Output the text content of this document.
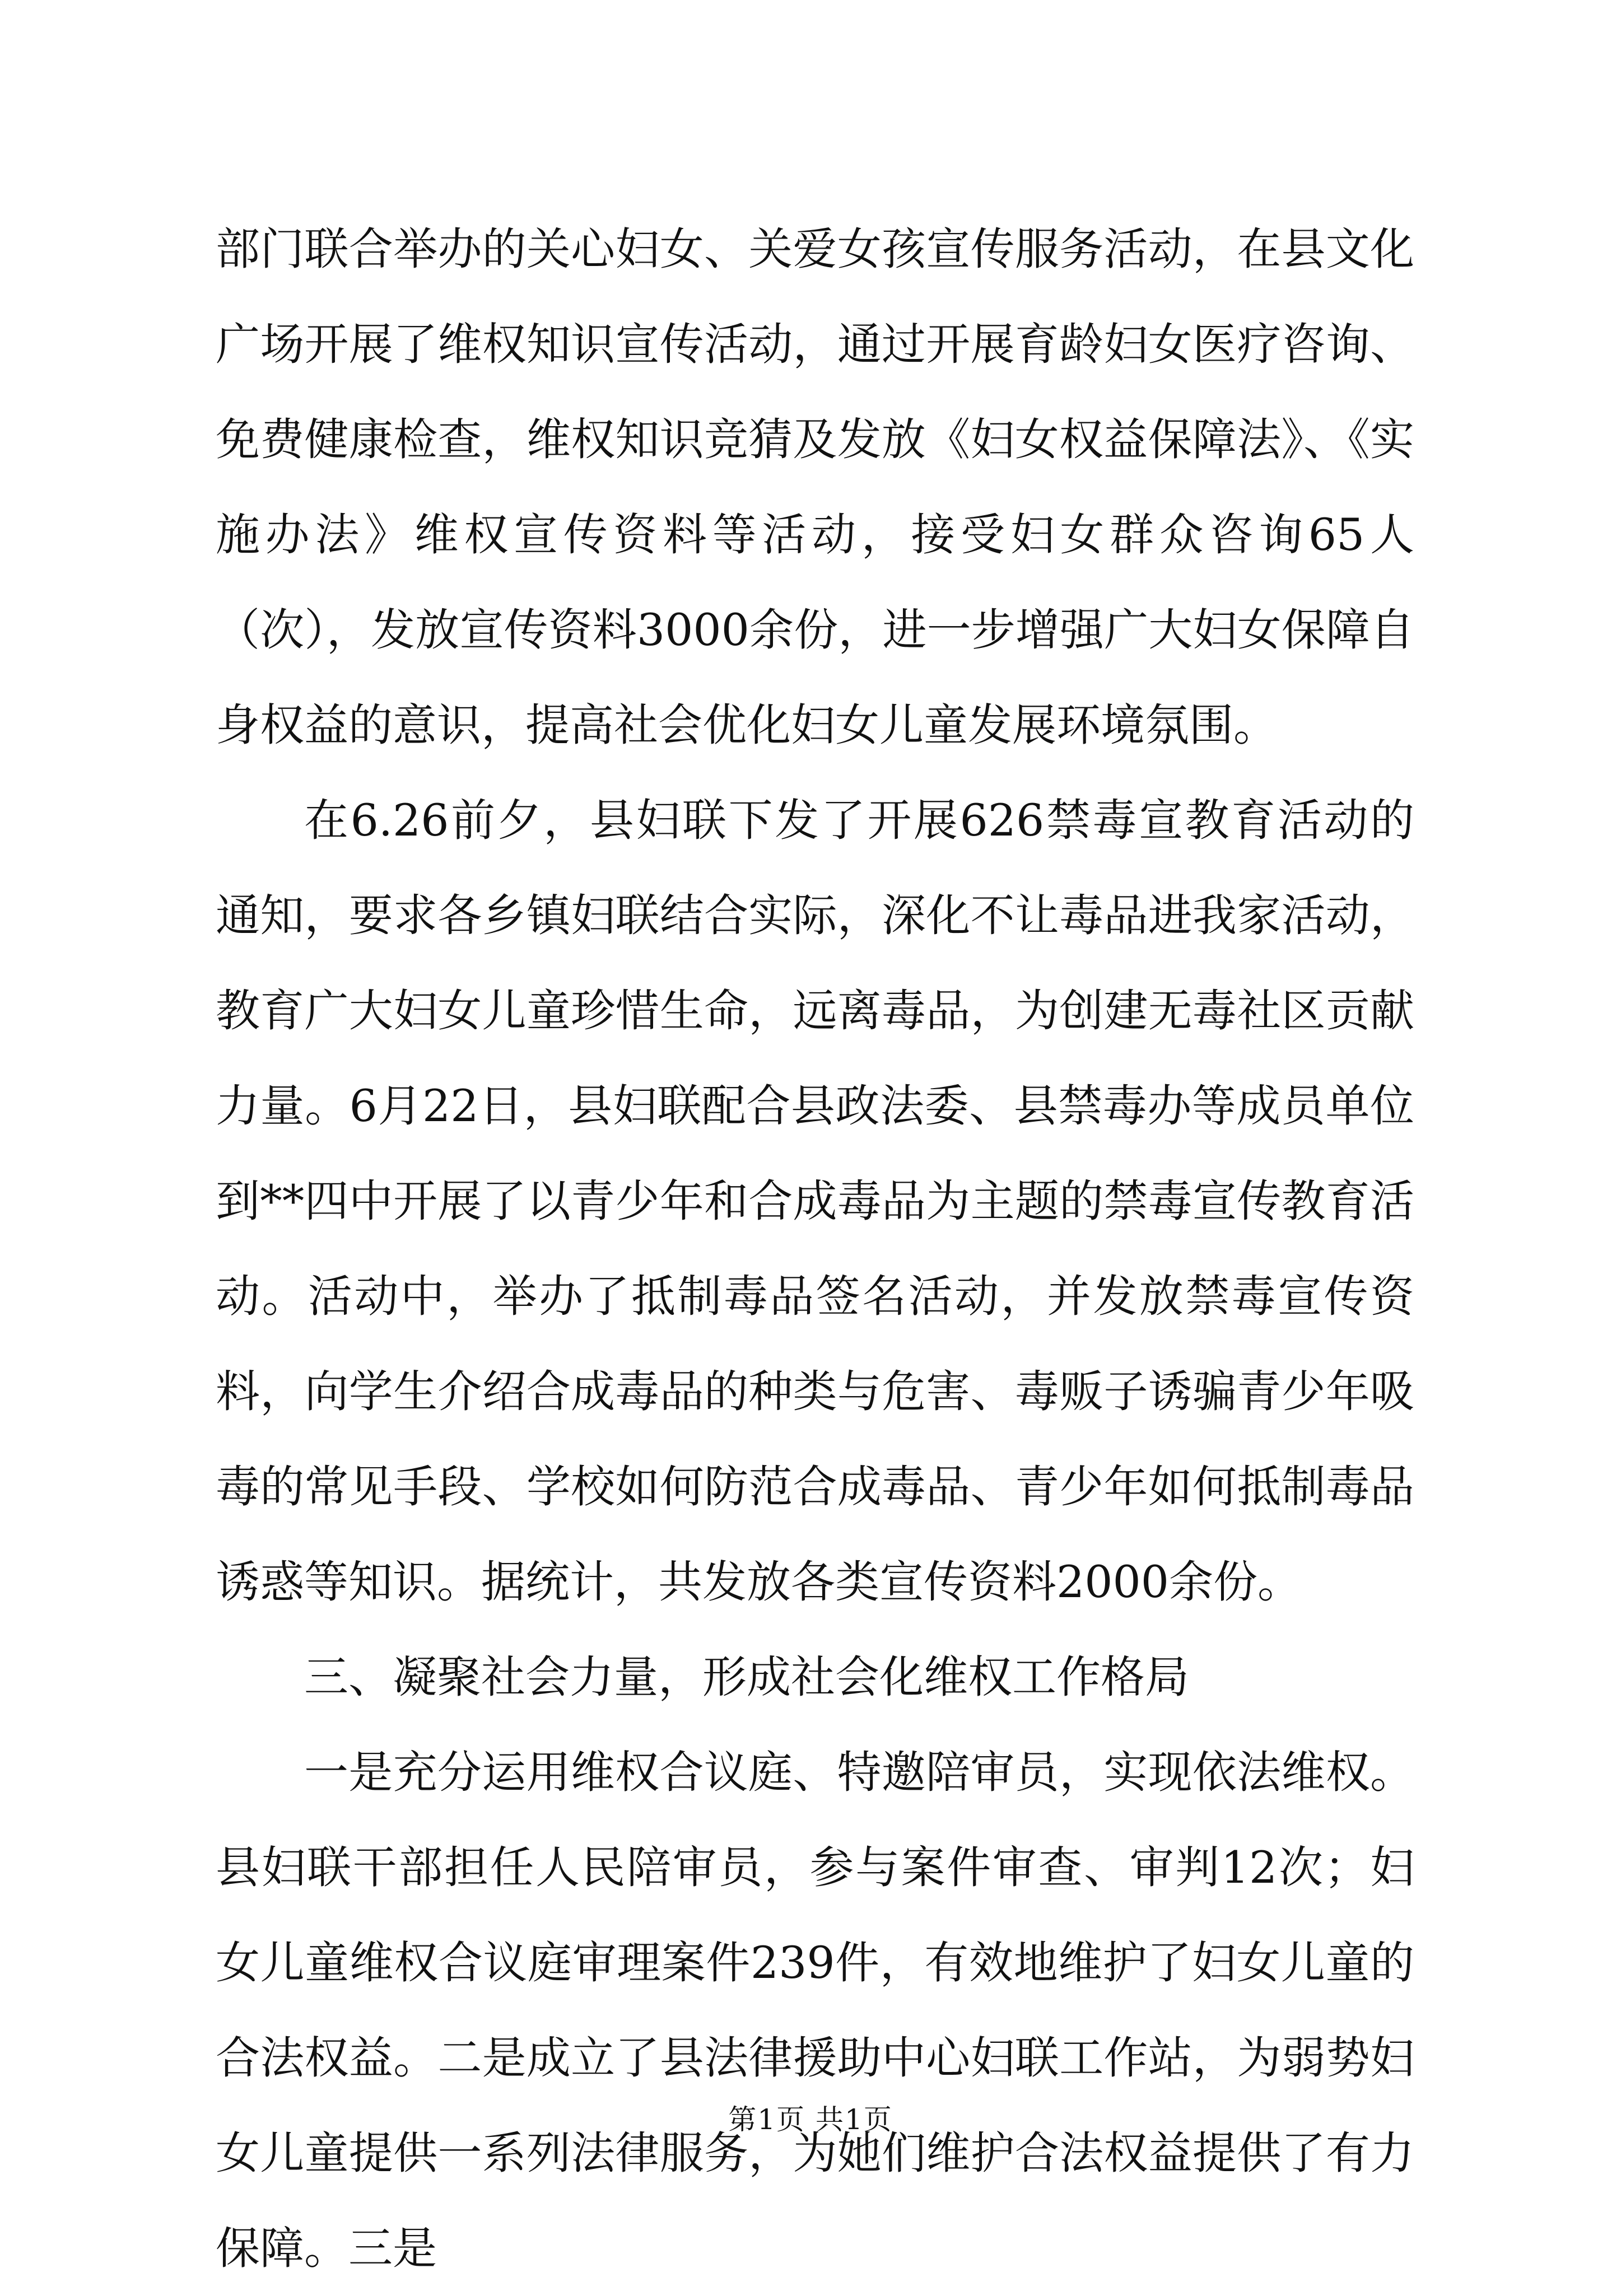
部门联合举办的关心妇女、关爱女孩宣传服务活动，在县文化广场开展了维权知识宣传活动，通过开展育龄妇女医疗咨询、免费健康检查，维权知识竞猜及发放《妇女权益保障法》、《实施办法》维权宣传资料等活动，接受妇女群众咨询65人（次），发放宣传资料3000余份，进一步增强广大妇女保障自身权益的意识，提高社会优化妇女儿童发展环境氛围。

在6.26前夕，县妇联下发了开展626禁毒宣教育活动的通知，要求各乡镇妇联结合实际，深化不让毒品进我家活动，教育广大妇女儿童珍惜生命，远离毒品，为创建无毒社区贡献力量。6月22日，县妇联配合县政法委、县禁毒办等成员单位到**四中开展了以青少年和合成毒品为主题的禁毒宣传教育活动。活动中，举办了抵制毒品签名活动，并发放禁毒宣传资料，向学生介绍合成毒品的种类与危害、毒贩子诱骗青少年吸毒的常见手段、学校如何防范合成毒品、青少年如何抵制毒品诱惑等知识。据统计，共发放各类宣传资料2000余份。

三、凝聚社会力量，形成社会化维权工作格局

一是充分运用维权合议庭、特邀陪审员，实现依法维权。县妇联干部担任人民陪审员，参与案件审查、审判12次；妇女儿童维权合议庭审理案件239件，有效地维护了妇女儿童的合法权益。二是成立了县法律援助中心妇联工作站，为弱势妇女儿童提供一系列法律服务，为她们维护合法权益提供了有力保障。三是

第1页 共1页
